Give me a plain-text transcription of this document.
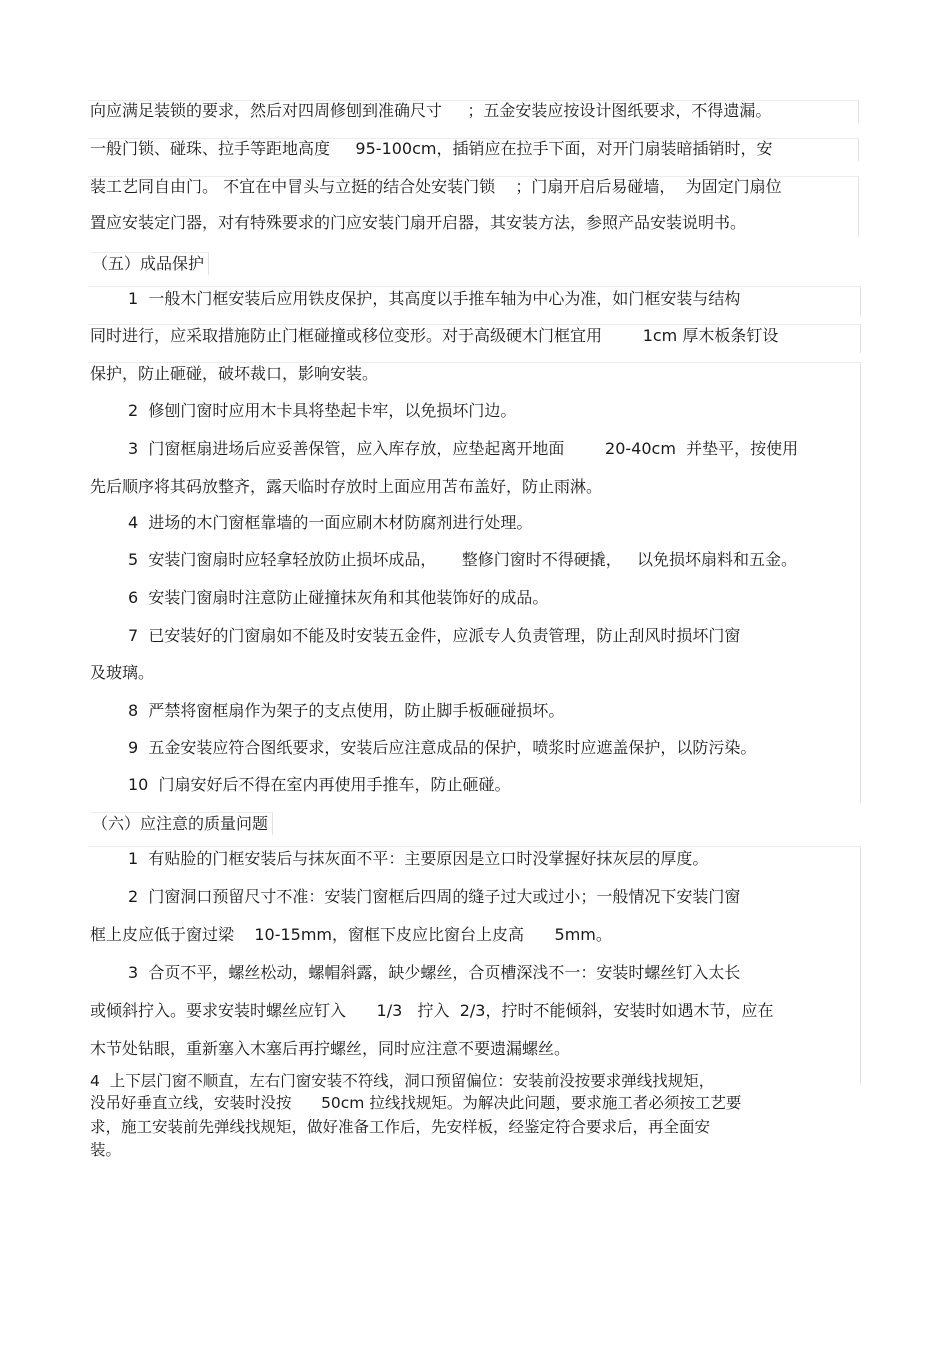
向应满足装锁的要求，然后对四周修刨到准确尺寸     ；五金安装应按设计图纸要求，不得遗漏。
一般门锁、碰珠、拉手等距地高度     95-100cm，插销应在拉手下面，对开门扇装暗插销时，安
装工艺同自由门。 不宜在中冒头与立挺的结合处安装门锁    ；门扇开启后易碰墙，  为固定门扇位
置应安装定门器，对有特殊要求的门应安装门扇开启器，其安装方法，参照产品安装说明书。
（五）成品保护
1  一般木门框安装后应用铁皮保护，其高度以手推车轴为中心为准，如门框安装与结构
同时进行，应采取措施防止门框碰撞或移位变形。对于高级硬木门框宜用        1cm 厚木板条钉设
保护，防止砸碰，破坏裁口，影响安装。
2  修刨门窗时应用木卡具将垫起卡牢，以免损坏门边。
3  门窗框扇进场后应妥善保管，应入库存放，应垫起离开地面        20-40cm  并垫平，按使用
先后顺序将其码放整齐，露天临时存放时上面应用苫布盖好，防止雨淋。
4  进场的木门窗框靠墙的一面应刷木材防腐剂进行处理。
5  安装门窗扇时应轻拿轻放防止损坏成品，     整修门窗时不得硬撬，   以免损坏扇料和五金。
6  安装门窗扇时注意防止碰撞抹灰角和其他装饰好的成品。
7  已安装好的门窗扇如不能及时安装五金件，应派专人负责管理，防止刮风时损坏门窗
及玻璃。
8  严禁将窗框扇作为架子的支点使用，防止脚手板砸碰损坏。
9  五金安装应符合图纸要求，安装后应注意成品的保护，喷浆时应遮盖保护，以防污染。
10  门扇安好后不得在室内再使用手推车，防止砸碰。
（六）应注意的质量问题
1  有贴脸的门框安装后与抹灰面不平：主要原因是立口时没掌握好抹灰层的厚度。
2  门窗洞口预留尺寸不准：安装门窗框后四周的缝子过大或过小；一般情况下安装门窗
框上皮应低于窗过梁    10-15mm，窗框下皮应比窗台上皮高      5mm。
3  合页不平，螺丝松动，螺帽斜露，缺少螺丝，合页槽深浅不一：安装时螺丝钉入太长
或倾斜拧入。要求安装时螺丝应钉入      1/3   拧入  2/3，拧时不能倾斜，安装时如遇木节，应在
木节处钻眼，重新塞入木塞后再拧螺丝，同时应注意不要遗漏螺丝。
4  上下层门窗不顺直，左右门窗安装不符线，洞口预留偏位：安装前没按要求弹线找规矩，
没吊好垂直立线，安装时没按      50cm 拉线找规矩。为解决此问题，要求施工者必须按工艺要
求，施工安装前先弹线找规矩，做好准备工作后，先安样板，经鉴定符合要求后，再全面安
装。
